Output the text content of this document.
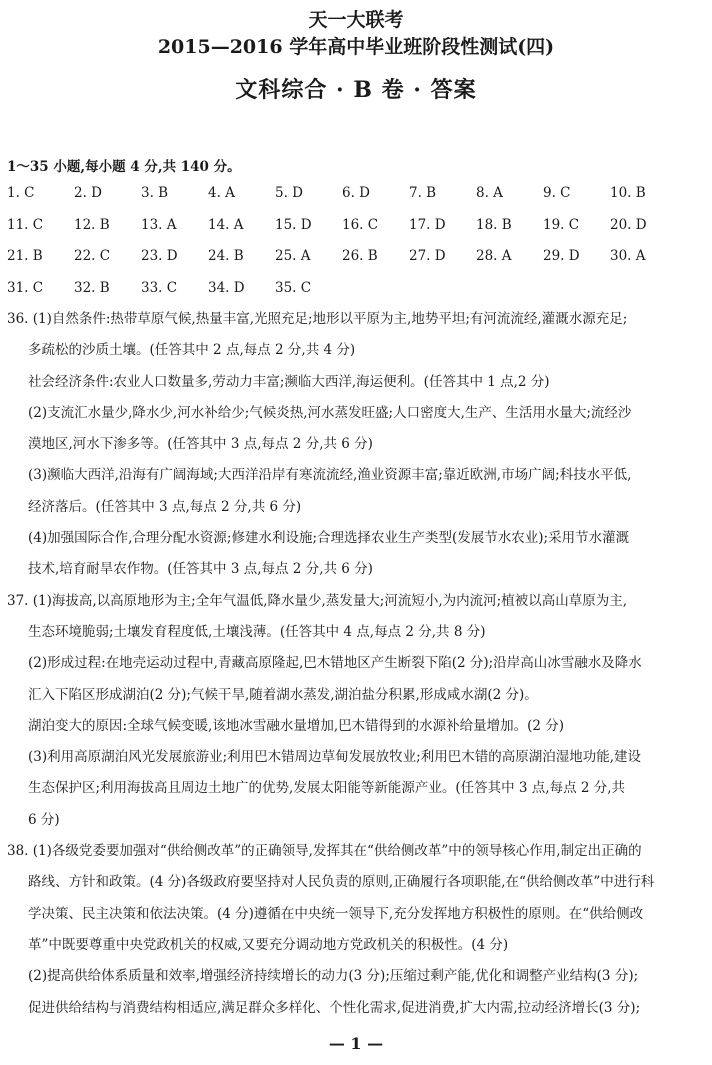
天一大联考
2015—2016 学年高中毕业班阶段性测试(四)
文科综合 · B 卷 · 答案
1～35 小题,每小题 4 分,共 140 分。
1. C	2. D	3. B	4. A	5. D	6. D	7. B	8. A	9. C	10. B
11. C	12. B	13. A	14. A	15. D	16. C	17. D	18. B	19. C	20. D
21. B	22. C	23. D	24. B	25. A	26. B	27. D	28. A	29. D	30. A
31. C	32. B	33. C	34. D	35. C
36. (1)自然条件:热带草原气候,热量丰富,光照充足;地形以平原为主,地势平坦;有河流流经,灌溉水源充足;
多疏松的沙质土壤。(任答其中 2 点,每点 2 分,共 4 分)
社会经济条件:农业人口数量多,劳动力丰富;濒临大西洋,海运便利。(任答其中 1 点,2 分)
(2)支流汇水量少,降水少,河水补给少;气候炎热,河水蒸发旺盛;人口密度大,生产、生活用水量大;流经沙
漠地区,河水下渗多等。(任答其中 3 点,每点 2 分,共 6 分)
(3)濒临大西洋,沿海有广阔海域;大西洋沿岸有寒流流经,渔业资源丰富;靠近欧洲,市场广阔;科技水平低,
经济落后。(任答其中 3 点,每点 2 分,共 6 分)
(4)加强国际合作,合理分配水资源;修建水利设施;合理选择农业生产类型(发展节水农业);采用节水灌溉
技术,培育耐旱农作物。(任答其中 3 点,每点 2 分,共 6 分)
37. (1)海拔高,以高原地形为主;全年气温低,降水量少,蒸发量大;河流短小,为内流河;植被以高山草原为主,
生态环境脆弱;土壤发育程度低,土壤浅薄。(任答其中 4 点,每点 2 分,共 8 分)
(2)形成过程:在地壳运动过程中,青藏高原隆起,巴木错地区产生断裂下陷(2 分);沿岸高山冰雪融水及降水
汇入下陷区形成湖泊(2 分);气候干旱,随着湖水蒸发,湖泊盐分积累,形成咸水湖(2 分)。
湖泊变大的原因:全球气候变暖,该地冰雪融水量增加,巴木错得到的水源补给量增加。(2 分)
(3)利用高原湖泊风光发展旅游业;利用巴木错周边草甸发展放牧业;利用巴木错的高原湖泊湿地功能,建设
生态保护区;利用海拔高且周边土地广的优势,发展太阳能等新能源产业。(任答其中 3 点,每点 2 分,共
6 分)
38. (1)各级党委要加强对“供给侧改革”的正确领导,发挥其在“供给侧改革”中的领导核心作用,制定出正确的
路线、方针和政策。(4 分)各级政府要坚持对人民负责的原则,正确履行各项职能,在“供给侧改革”中进行科
学决策、民主决策和依法决策。(4 分)遵循在中央统一领导下,充分发挥地方积极性的原则。在“供给侧改
革”中既要尊重中央党政机关的权威,又要充分调动地方党政机关的积极性。(4 分)
(2)提高供给体系质量和效率,增强经济持续增长的动力(3 分);压缩过剩产能,优化和调整产业结构(3 分);
促进供给结构与消费结构相适应,满足群众多样化、个性化需求,促进消费,扩大内需,拉动经济增长(3 分);
— 1 —
